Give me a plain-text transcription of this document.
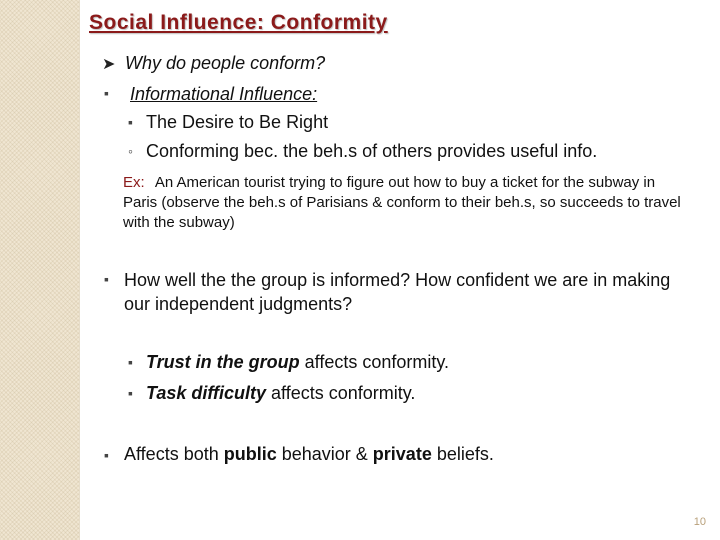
Social Influence: Conformity
➤ Why do people conform?
▪ Informational Influence:
▪ The Desire to Be Right
◦ Conforming bec. the beh.s of others provides useful info.
Ex: An American tourist trying to figure out how to buy a ticket for the subway in Paris (observe the beh.s of Parisians & conform to their beh.s, so succeeds to travel with the subway)
▪ How well the the group is informed? How confident we are in making our independent judgments?
▪ Trust in the group affects conformity.
▪ Task difficulty affects conformity.
▪ Affects both public behavior & private beliefs.
10
